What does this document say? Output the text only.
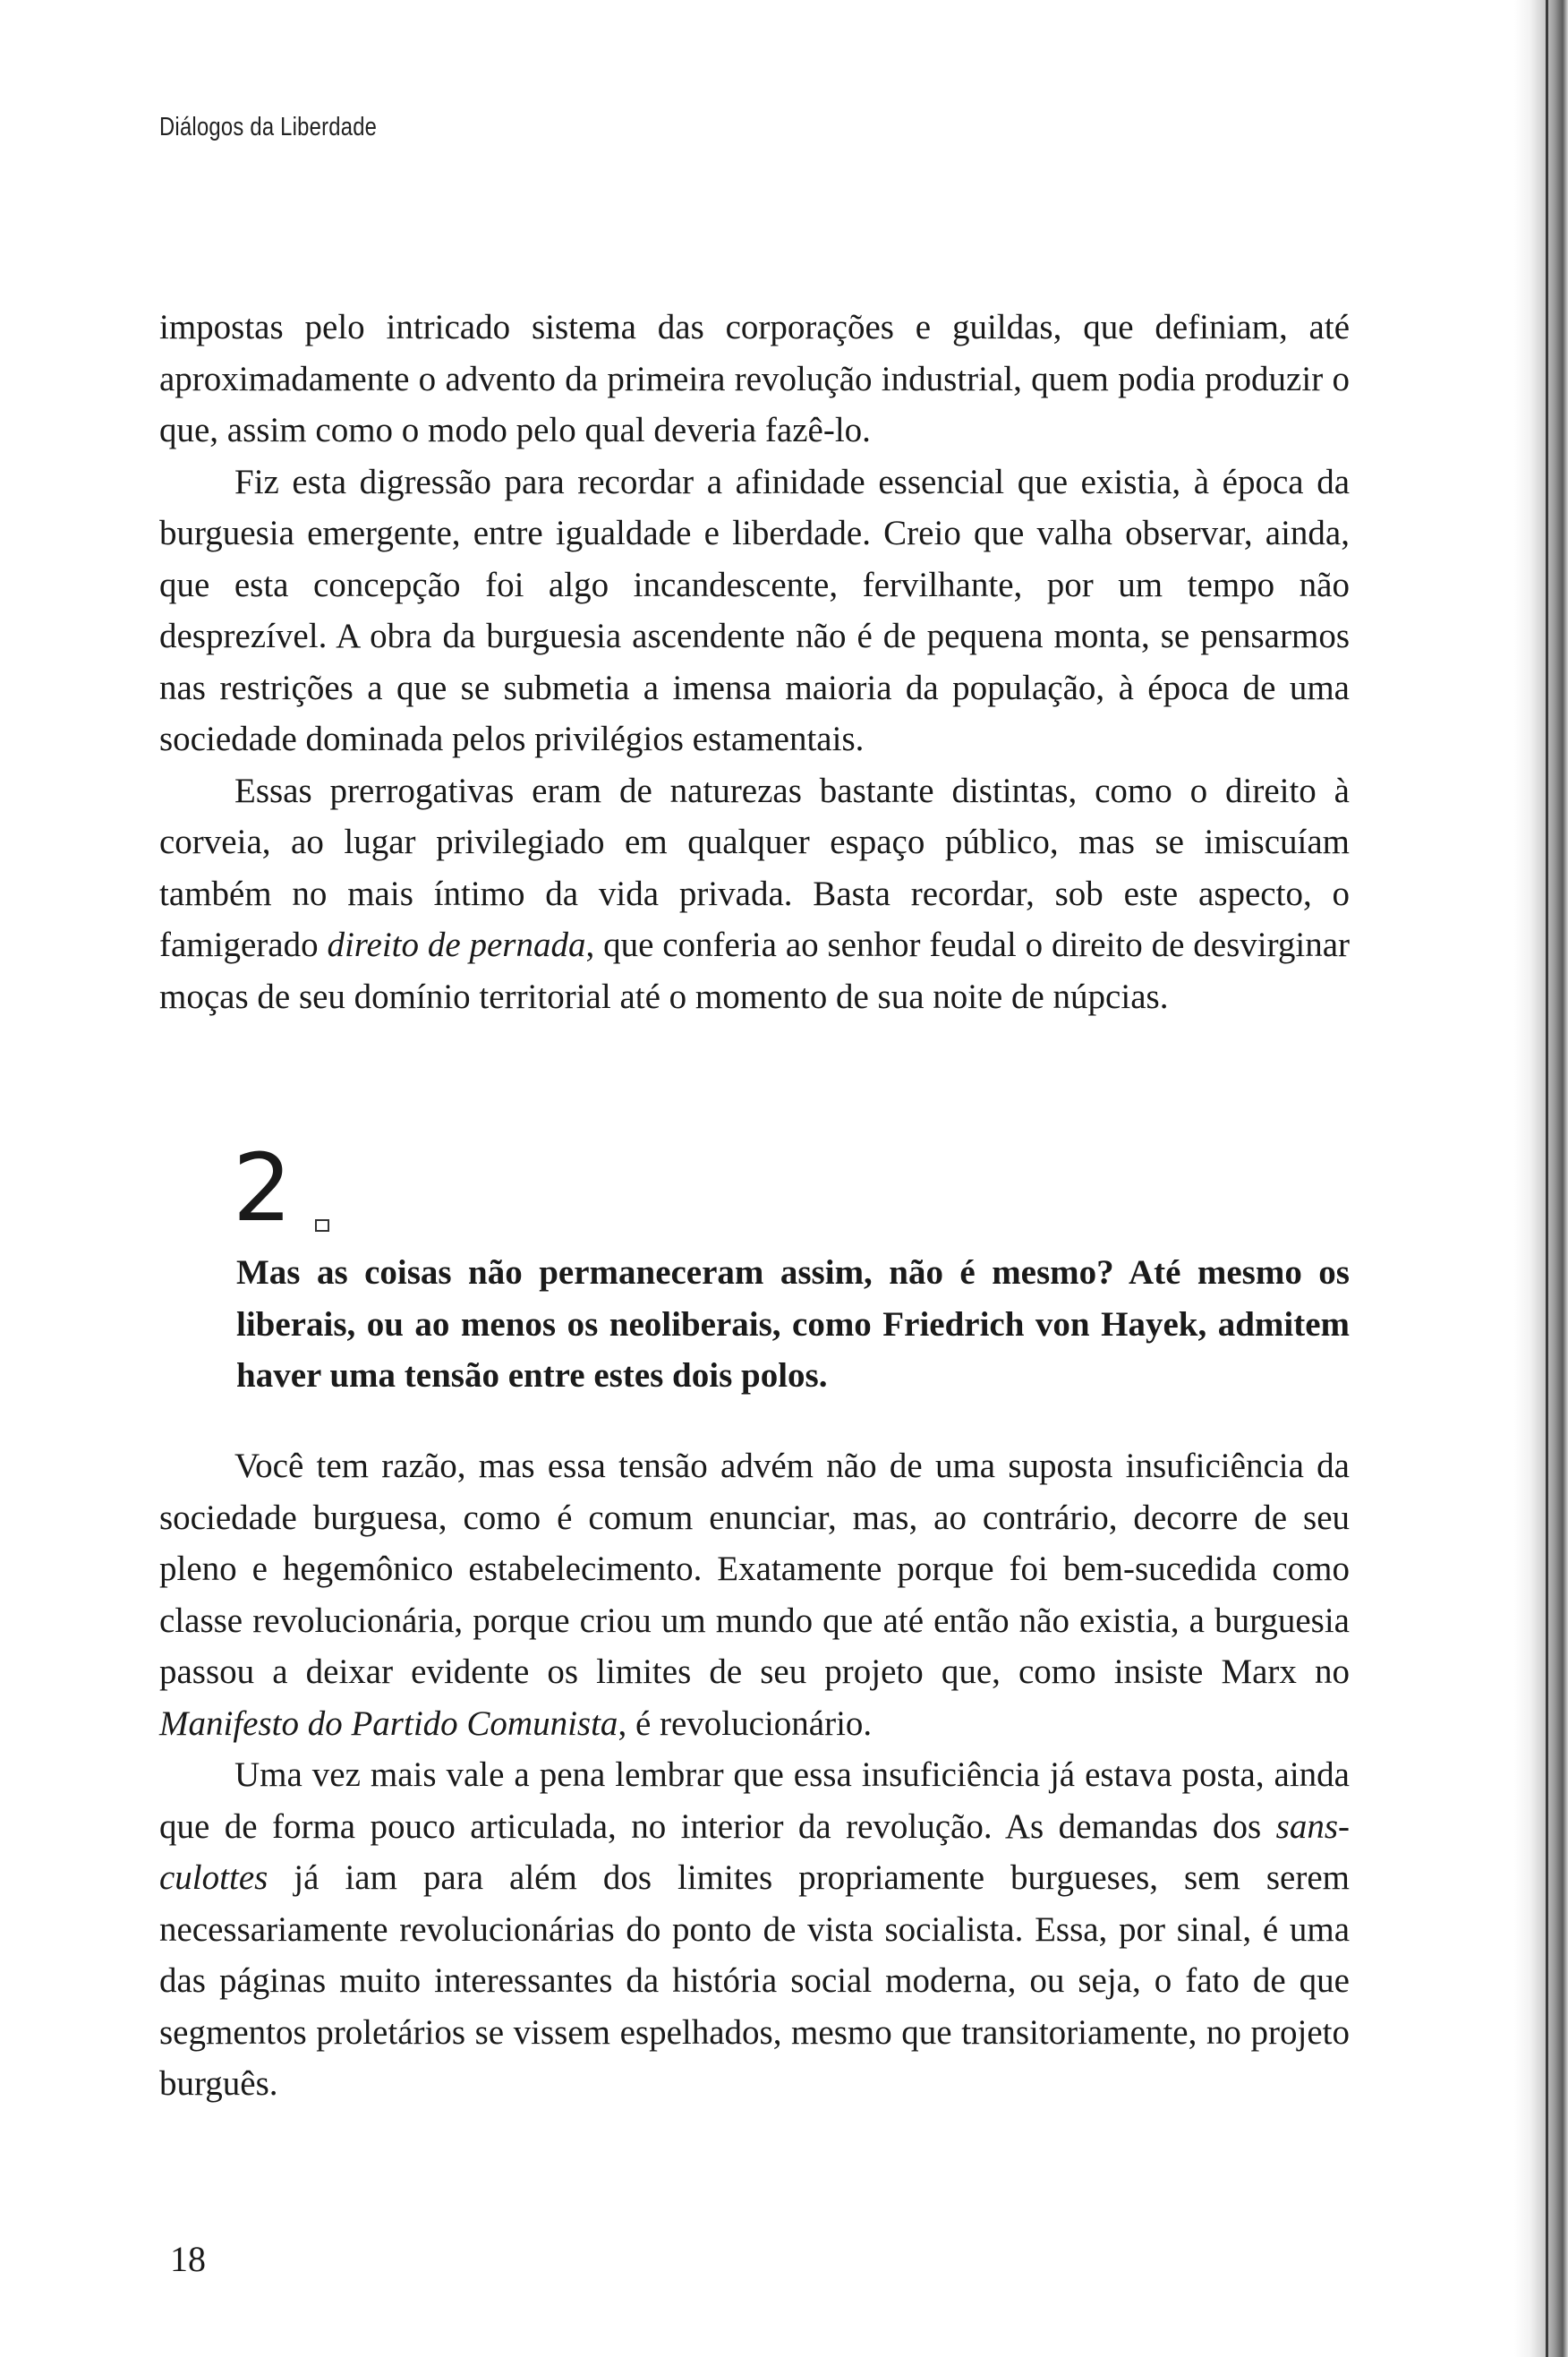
Diálogos da Liberdade

impostas pelo intricado sistema das corporações e guildas, que definiam, até aproximadamente o advento da primeira revolução industrial, quem podia produzir o que, assim como o modo pelo qual deveria fazê-lo.

Fiz esta digressão para recordar a afinidade essencial que existia, à época da burguesia emergente, entre igualdade e liberdade. Creio que valha observar, ainda, que esta concepção foi algo incandescente, fervilhante, por um tempo não desprezível. A obra da burguesia ascendente não é de pequena monta, se pensarmos nas restrições a que se submetia a imensa maioria da população, à época de uma sociedade dominada pelos privilégios estamentais.

Essas prerrogativas eram de naturezas bastante distintas, como o direito à corveia, ao lugar privilegiado em qualquer espaço público, mas se imiscuíam também no mais íntimo da vida privada. Basta recordar, sob este aspecto, o famigerado direito de pernada, que conferia ao senhor feudal o direito de desvirginar moças de seu domínio territorial até o momento de sua noite de núpcias.

2

Mas as coisas não permaneceram assim, não é mesmo? Até mesmo os liberais, ou ao menos os neoliberais, como Friedrich von Hayek, admitem haver uma tensão entre estes dois polos.

Você tem razão, mas essa tensão advém não de uma suposta insuficiência da sociedade burguesa, como é comum enunciar, mas, ao contrário, decorre de seu pleno e hegemônico estabelecimento. Exatamente porque foi bem-sucedida como classe revolucionária, porque criou um mundo que até então não existia, a burguesia passou a deixar evidente os limites de seu projeto que, como insiste Marx no Manifesto do Partido Comunista, é revolucionário.

Uma vez mais vale a pena lembrar que essa insuficiência já estava posta, ainda que de forma pouco articulada, no interior da revolução. As demandas dos sans-culottes já iam para além dos limites propriamente burgueses, sem serem necessariamente revolucionárias do ponto de vista socialista. Essa, por sinal, é uma das páginas muito interessantes da história social moderna, ou seja, o fato de que segmentos proletários se vissem espelhados, mesmo que transitoriamente, no projeto burguês.

18
